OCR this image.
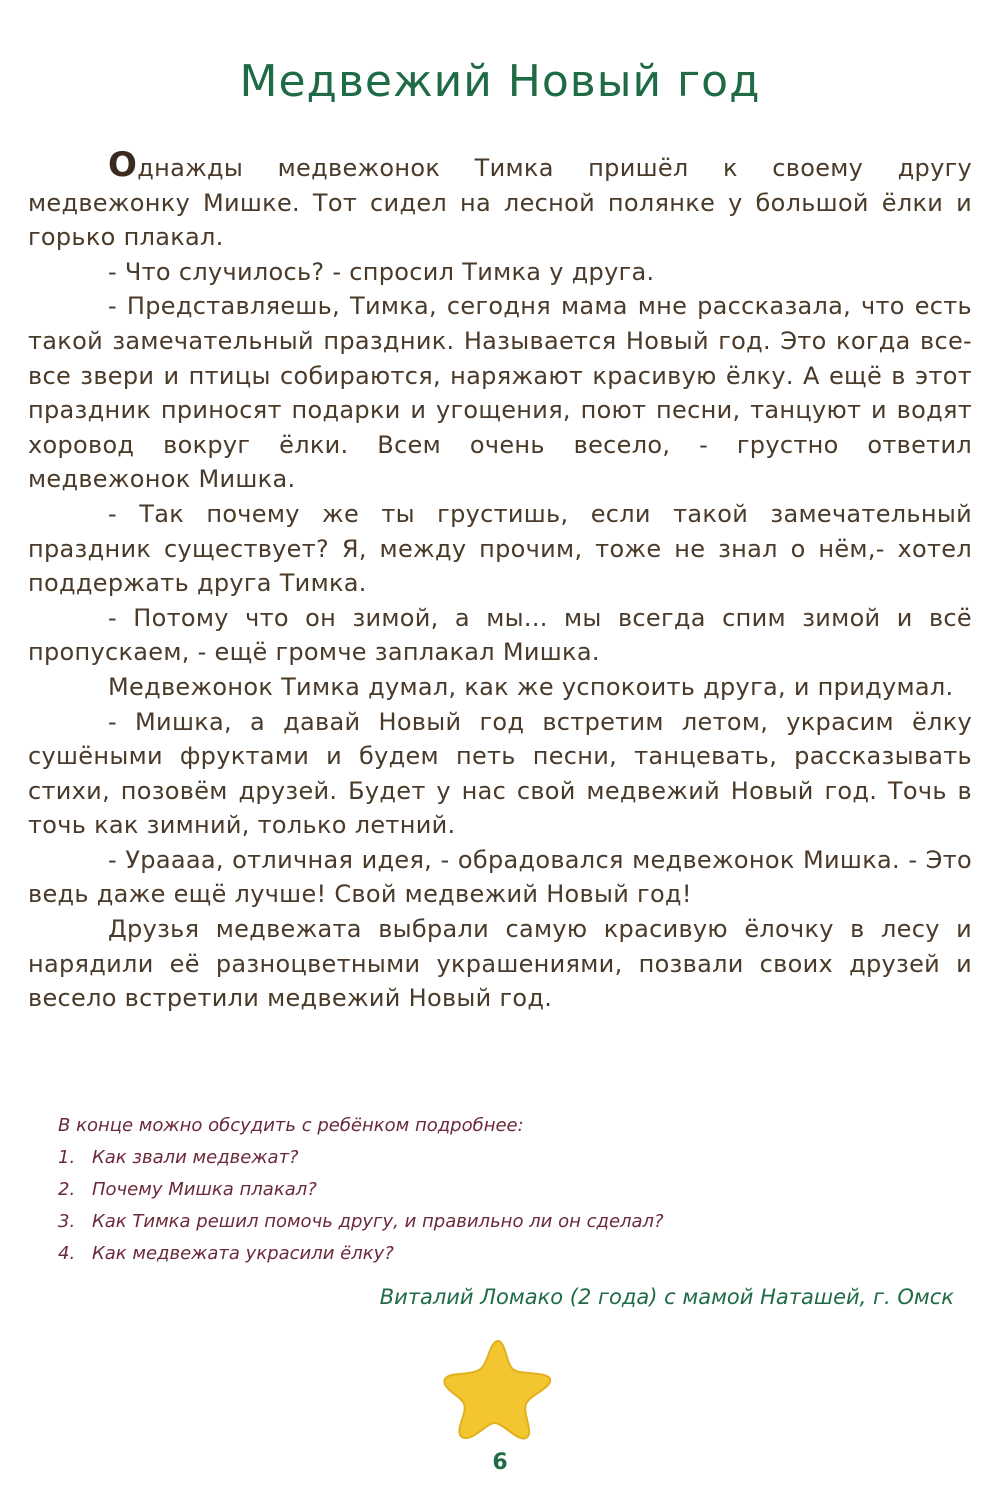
Медвежий Новый год

Однажды медвежонок Тимка пришёл к своему другу медвежонку Мишке. Тот сидел на лесной полянке у большой ёлки и горько плакал.

- Что случилось? - спросил Тимка у друга.

- Представляешь, Тимка, сегодня мама мне рассказала, что есть такой замечательный праздник. Называется Новый год. Это когда все-все звери и птицы собираются, наряжают красивую ёлку. А ещё в этот праздник приносят подарки и угощения, поют песни, танцуют и водят хоровод вокруг ёлки. Всем очень весело, - грустно ответил медвежонок Мишка.

- Так почему же ты грустишь, если такой замечательный праздник существует? Я, между прочим, тоже не знал о нём,- хотел поддержать друга Тимка.

- Потому что он зимой, а мы... мы всегда спим зимой и всё пропускаем, - ещё громче заплакал Мишка.

Медвежонок Тимка думал, как же успокоить друга, и придумал.

- Мишка, а давай Новый год встретим летом, украсим ёлку сушёными фруктами и будем петь песни, танцевать, рассказывать стихи, позовём друзей. Будет у нас свой медвежий Новый год. Точь в точь как зимний, только летний.

- Ураааа, отличная идея, - обрадовался медвежонок Мишка. - Это ведь даже ещё лучше! Свой медвежий Новый год!

Друзья медвежата выбрали самую красивую ёлочку в лесу и нарядили её разноцветными украшениями, позвали своих друзей и весело встретили медвежий Новый год.

В конце можно обсудить с ребёнком подробнее:

1. Как звали медвежат?
2. Почему Мишка плакал?
3. Как Тимка решил помочь другу, и правильно ли он сделал?
4. Как медвежата украсили ёлку?
Виталий Ломако (2 года) с мамой Наташей, г. Омск
6
